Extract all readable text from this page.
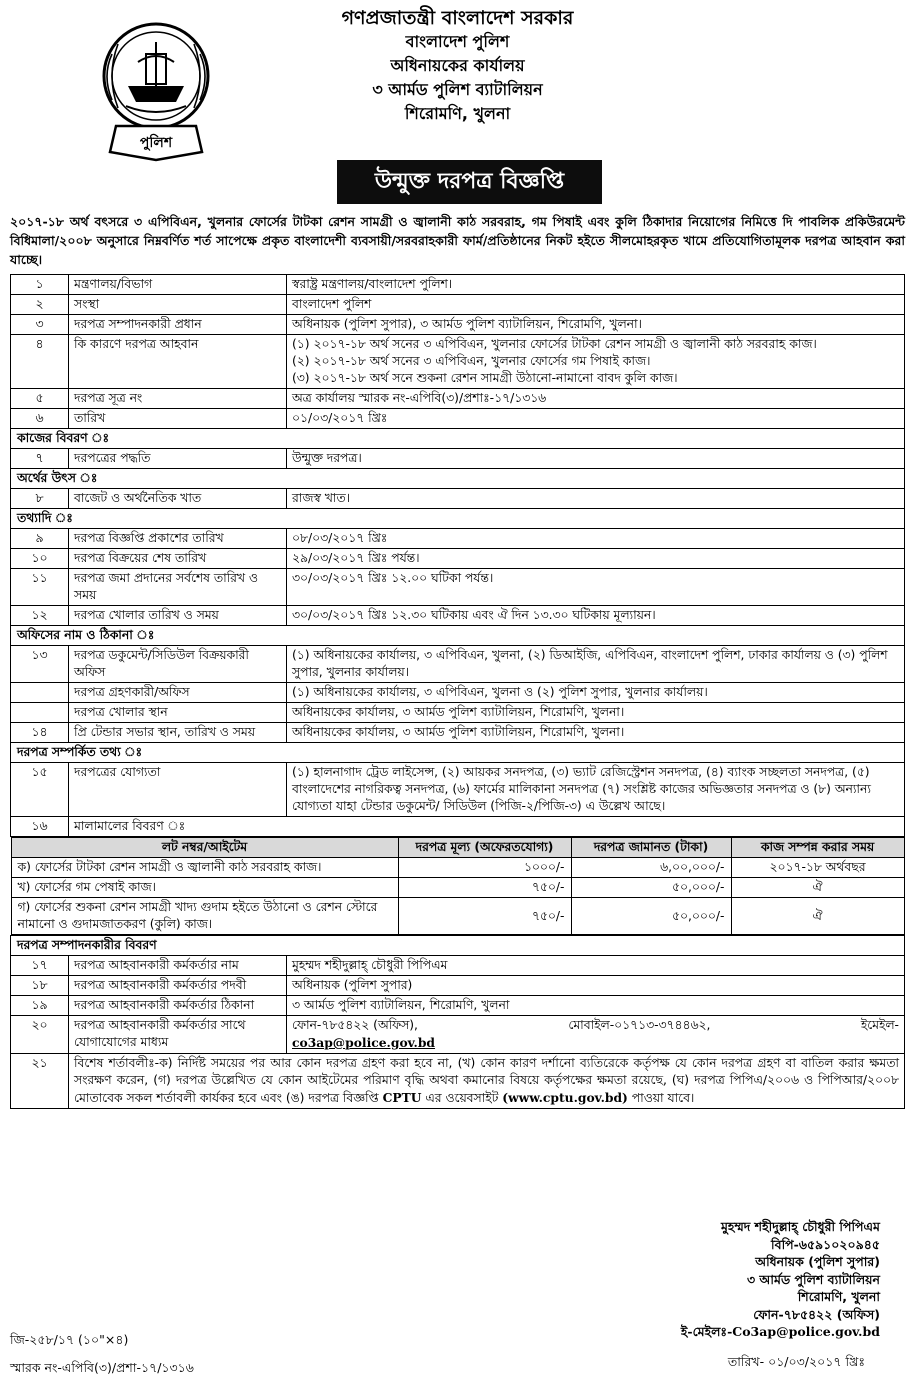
পুলিশ
গণপ্রজাতন্ত্রী বাংলাদেশ সরকার
বাংলাদেশ পুলিশ
অধিনায়কের কার্যালয়
৩ আর্মড পুলিশ ব্যাটালিয়ন
শিরোমণি, খুলনা
উন্মুক্ত দরপত্র বিজ্ঞপ্তি
২০১৭-১৮ অর্থ বৎসরে ৩ এপিবিএন, খুলনার ফোর্সের টাটকা রেশন সামগ্রী ও জ্বালানী কাঠ সরবরাহ, গম পিষাই এবং কুলি ঠিকাদার নিয়োগের নিমিত্তে দি পাবলিক প্রকিউরমেন্ট বিধিমালা/২০০৮ অনুসারে নিম্নবর্ণিত শর্ত সাপেক্ষে প্রকৃত বাংলাদেশী ব্যবসায়ী/সরবরাহকারী ফার্ম/প্রতিষ্ঠানের নিকট হইতে সীলমোহরকৃত খামে প্রতিযোগিতামূলক দরপত্র আহবান করা যাচ্ছে।
১	মন্ত্রণালয়/বিভাগ	স্বরাষ্ট্র মন্ত্রণালয়/বাংলাদেশ পুলিশ।
২	সংস্থা	বাংলাদেশ পুলিশ
৩	দরপত্র সম্পাদনকারী প্রধান	অধিনায়ক (পুলিশ সুপার), ৩ আর্মড পুলিশ ব্যাটালিয়ন, শিরোমণি, খুলনা।
৪	কি কারণে দরপত্র আহবান	(১) ২০১৭-১৮ অর্থ সনের ৩ এপিবিএন, খুলনার ফোর্সের টাটকা রেশন সামগ্রী ও জ্বালানী কাঠ সরবরাহ কাজ।
(২) ২০১৭-১৮ অর্থ সনের ৩ এপিবিএন, খুলনার ফোর্সের গম পিষাই কাজ।
(৩) ২০১৭-১৮ অর্থ সনে শুকনা রেশন সামগ্রী উঠানো-নামানো বাবদ কুলি কাজ।

৫	দরপত্র সূত্র নং	অত্র কার্যালয় স্মারক নং-এপিবি(৩)/প্রশাঃ-১৭/১৩১৬
৬	তারিখ	০১/০৩/২০১৭ খ্রিঃ
কাজের বিবরণ ঃ
৭	দরপত্রের পদ্ধতি	উন্মুক্ত দরপত্র।
অর্থের উৎস ঃ
৮	বাজেট ও অর্থনৈতিক খাত	রাজস্ব খাত।
তথ্যাদি ঃ
৯	দরপত্র বিজ্ঞপ্তি প্রকাশের তারিখ	০৮/০৩/২০১৭ খ্রিঃ
১০	দরপত্র বিক্রয়ের শেষ তারিখ	২৯/০৩/২০১৭ খ্রিঃ পর্যন্ত।
১১	দরপত্র জমা প্রদানের সর্বশেষ তারিখ ও সময়	৩০/০৩/২০১৭ খ্রিঃ ১২.০০ ঘটিকা পর্যন্ত।
১২	দরপত্র খোলার তারিখ ও সময়	৩০/০৩/২০১৭ খ্রিঃ ১২.৩০ ঘটিকায় এবং ঐ দিন ১৩.৩০ ঘটিকায় মূল্যায়ন।
অফিসের নাম ও ঠিকানা ঃ
১৩	দরপত্র ডকুমেন্ট/সিডিউল বিক্রয়কারী অফিস	(১) অধিনায়কের কার্যালয়, ৩ এপিবিএন, খুলনা, (২) ডিআইজি, এপিবিএন, বাংলাদেশ পুলিশ, ঢাকার কার্যালয় ও (৩) পুলিশ সুপার, খুলনার কার্যালয়।
	দরপত্র গ্রহণকারী/অফিস	(১) অধিনায়কের কার্যালয়, ৩ এপিবিএন, খুলনা ও (২) পুলিশ সুপার, খুলনার কার্যালয়।
	দরপত্র খোলার স্থান	অধিনায়কের কার্যালয়, ৩ আর্মড পুলিশ ব্যাটালিয়ন, শিরোমণি, খুলনা।
১৪	প্রি টেন্ডার সভার স্থান, তারিখ ও সময়	অধিনায়কের কার্যালয়, ৩ আর্মড পুলিশ ব্যাটালিয়ন, শিরোমণি, খুলনা।
দরপত্র সম্পর্কিত তথ্য ঃ
১৫	দরপত্রের যোগ্যতা	(১) হালনাগাদ ট্রেড লাইসেন্স, (২) আয়কর সনদপত্র, (৩) ভ্যাট রেজিস্ট্রেশন সনদপত্র, (৪) ব্যাংক সচ্ছলতা সনদপত্র, (৫) বাংলাদেশের নাগরিকত্ব সনদপত্র, (৬) ফার্মের মালিকানা সনদপত্র (৭) সংশ্লিষ্ট কাজের অভিজ্ঞতার সনদপত্র ও (৮) অন্যান্য যোগ্যতা যাহা টেন্ডার ডকুমেন্ট/ সিডিউল (পিজি-২/পিজি-৩) এ উল্লেখ আছে।
১৬	মালামালের বিবরণ ঃ

লট নম্বর/আইটেম	দরপত্র মূল্য (অফেরতযোগ্য)	দরপত্র জামানত (টাকা)	কাজ সম্পন্ন করার সময়
ক) ফোর্সের টাটকা রেশন সামগ্রী ও জ্বালানী কাঠ সরবরাহ কাজ।	১০০০/-	৬,০০,০০০/-	২০১৭-১৮ অর্থবছর
খ) ফোর্সের গম পেষাই কাজ।	৭৫০/-	৫০,০০০/-	ঐ
গ) ফোর্সের শুকনা রেশন সামগ্রী খাদ্য গুদাম হইতে উঠানো ও রেশন স্টোরে নামানো ও গুদামজাতকরণ (কুলি) কাজ।	৭৫০/-	৫০,০০০/-	ঐ

দরপত্র সম্পাদনকারীর বিবরণ
১৭	দরপত্র আহবানকারী কর্মকর্তার নাম	মুহম্মদ শহীদুল্লাহ্ চৌধুরী পিপিএম
১৮	দরপত্র আহবানকারী কর্মকর্তার পদবী	অধিনায়ক (পুলিশ সুপার)
১৯	দরপত্র আহবানকারী কর্মকর্তার ঠিকানা	৩ আর্মড পুলিশ ব্যাটালিয়ন, শিরোমণি, খুলনা
২০	দরপত্র আহবানকারী কর্মকর্তার সাথে যোগাযোগের মাধ্যম	
ফোন-৭৮৫৪২২ (অফিস),	মোবাইল-০১৭১৩-৩৭৪৪৬২,	ইমেইল-
co3ap@police.gov.bd

২১	বিশেষ শর্তাবলীঃ-ক) নির্দিষ্ট সময়ের পর আর কোন দরপত্র গ্রহণ করা হবে না, (খ) কোন কারণ দর্শানো ব্যতিরেকে কর্তৃপক্ষ যে কোন দরপত্র গ্রহণ বা বাতিল করার ক্ষমতা সংরক্ষণ করেন, (গ) দরপত্র উল্লেখিত যে কোন আইটেমের পরিমাণ বৃদ্ধি অথবা কমানোর বিষয়ে কর্তৃপক্ষের ক্ষমতা রয়েছে, (ঘ) দরপত্র পিপিএ/২০০৬ ও পিপিআর/২০০৮ মোতাবেক সকল শর্তাবলী কার্যকর হবে এবং (ঙ) দরপত্র বিজ্ঞপ্তি CPTU এর ওয়েবসাইট (www.cptu.gov.bd) পাওয়া যাবে।
মুহম্মদ শহীদুল্লাহ্ চৌধুরী পিপিএম
বিপি-৬৫৯১০২০৯৪৫
অধিনায়ক (পুলিশ সুপার)
৩ আর্মড পুলিশ ব্যাটালিয়ন
শিরোমণি, খুলনা
ফোন-৭৮৫৪২২ (অফিস)
ই-মেইলঃ-Co3ap@police.gov.bd
জি-২৫৮/১৭ (১০"×৪)
স্মারক নং-এপিবি(৩)/প্রশা-১৭/১৩১৬	তারিখ- ০১/০৩/২০১৭ খ্রিঃ
